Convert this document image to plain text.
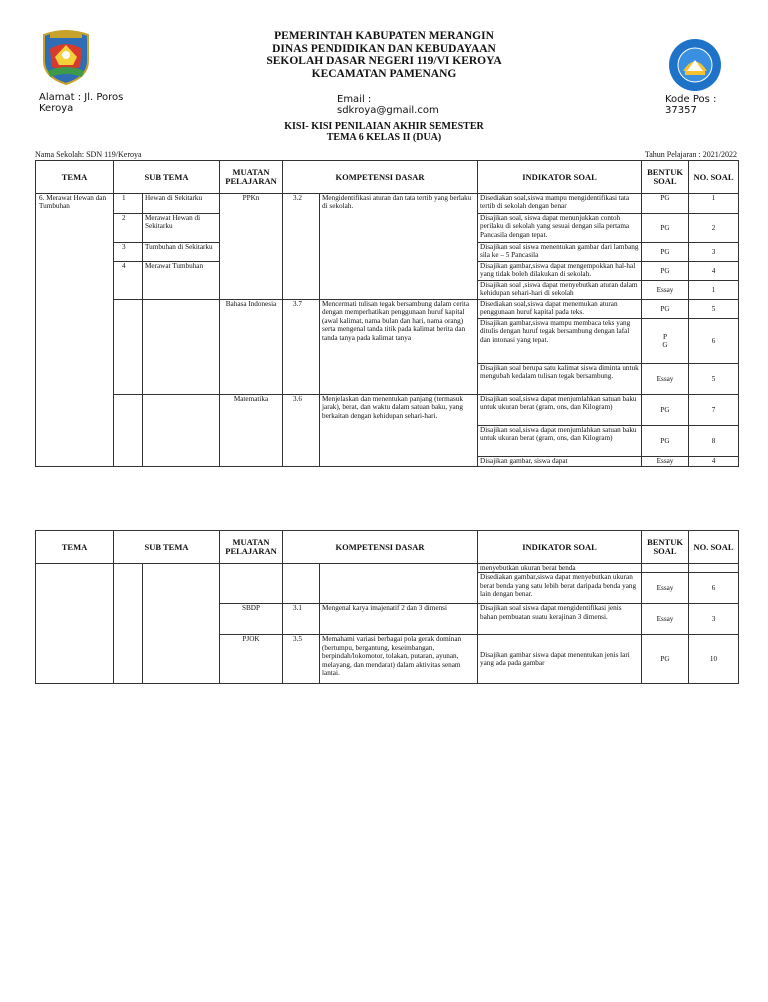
PEMERINTAH KABUPATEN MERANGIN
DINAS PENDIDIKAN DAN KEBUDAYAAN
SEKOLAH DASAR NEGERI 119/VI KEROYA
KECAMATAN PAMENANG
Alamat : Jl. Poros Keroya
Email : sdkroya@gmail.com
Kode Pos : 37357
KISI- KISI PENILAIAN AKHIR SEMESTER
TEMA 6 KELAS II (DUA)
Nama Sekolah: SDN 119/Keroya	Tahun Pelajaran : 2021/2022
TEMA	SUB TEMA		MUATAN PELAJARAN	KOMPETENSI DASAR		INDIKATOR SOAL	BENTUK SOAL	NO. SOAL
6. Merawat Hewan dan Tumbuhan	1	Hewan di Sekitarku	PPKn	3.2	Mengidentifikasi aturan dan tata tertib yang berlaku di sekolah.	Disediakan soal,siswa mampu mengidentifikasi tata tertib di sekolah dengan benar	PG	1
	2	Merawat Hewan di Sekitarku				Disajikan soal, siswa dapat menunjukkan contoh perilaku di sekolah yang sesuai dengan sila pertama Pancasila dengan tepat.	PG	2
	3	Tumbuhan di Sekitarku				Disajikan soal siswa menentukan gambar dari lambang sila ke – 5 Pancasila	PG	3
	4	Merawat Tumbuhan				Disajikan gambar,siswa dapat mengempokkan hal-hal yang tidak boleh dilakukan di sekolah.	PG	4
						Disajikan soal ,siswa dapat menyebutkan aturan dalam kehidupan sehari-hari di sekolah	Essay	1
			Bahasa Indonesia	3.7	Mencermati tulisan tegak bersambung dalam cerita dengan memperhatikan penggunaan huruf kapital (awal kalimat, nama bulan dan hari, nama orang) serta mengenal tanda titik pada kalimat berita dan tanda tanya pada kalimat tanya	Disediakan soal,siswa dapat menemukan aturan penggunaan huruf kapital pada teks.	PG	5
						Disajikan gambar,siswa mampu membaca teks yang ditulis dengan huruf tegak bersambung dengan lafal dan intonasi yang tepat.	P G	6
						Disajikan soal berupa satu kalimat siswa diminta untuk mengubah kedalam tulisan tegak bersambung.	Essay	5
			Matematika	3.6	Menjelaskan dan menentukan panjang (termasuk jarak), berat, dan waktu dalam satuan baku, yang berkaitan dengan kehidupan sehari-hari.	Disajikan soal,siswa dapat menjumlahkan satuan baku untuk ukuran berat (gram, ons, dan Kilogram)	PG	7
						Disajikan soal,siswa dapat menjumlahkan satuan baku untuk ukuran berat (gram, ons, dan Kilogram)	PG	8
						Disajikan gambar, siswa dapat	Essay	4
TEMA	SUB TEMA		MUATAN PELAJARAN	KOMPETENSI DASAR		INDIKATOR SOAL	BENTUK SOAL	NO. SOAL
						menyebutkan ukuran berat benda		
						Disediakan gambar,siswa dapat menyebutkan ukuran berat benda yang satu lebih berat daripada benda yang lain dengan benar.	Essay	6
			SBDP	3.1	Mengenal karya imajenatif 2 dan 3 dimensi	Disajikan soal siswa dapat mengidentifikasi jenis bahan pembuatan suatu kerajinan 3 dimensi.	Essay	3
			PJOK	3.5	Memahami variasi berbagai pola gerak dominan (bertumpu, bergantung, keseimbangan, berpindah/lokomotor, tolakan, putaran, ayunan, melayang, dan mendarat) dalam aktivitas senam lantai.	Disajikan gambar siswa dapat menentukan jenis lari yang ada pada gambar	PG	10
